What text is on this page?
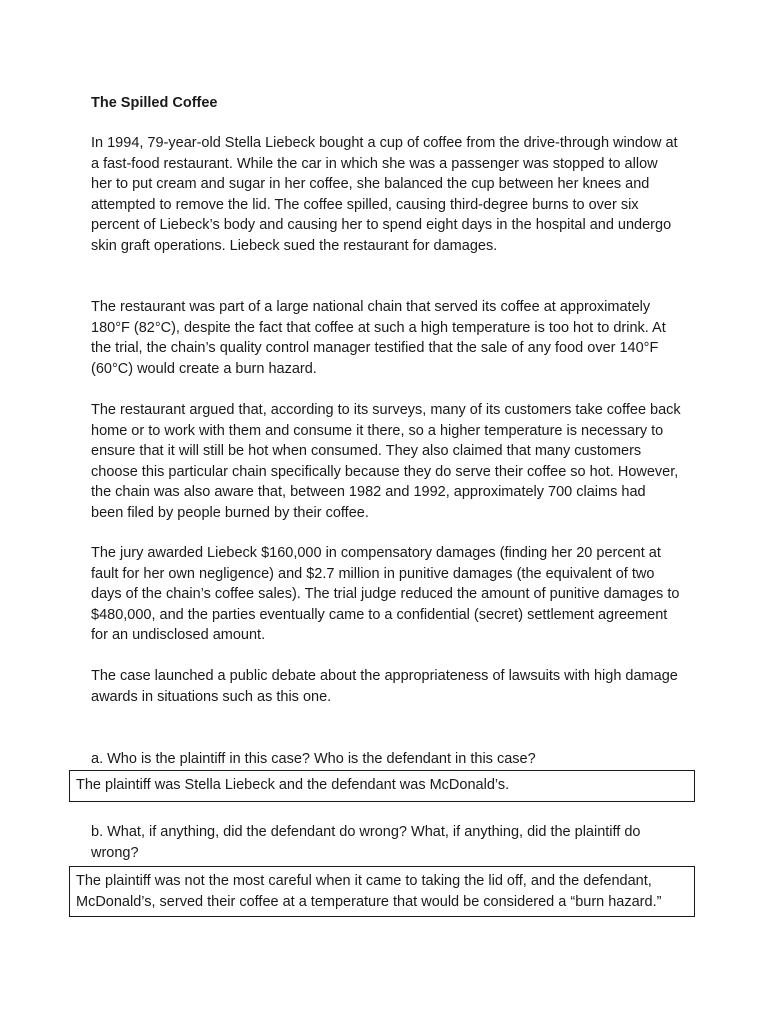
The Spilled Coffee

In 1994, 79-year-old Stella Liebeck bought a cup of coffee from the drive-through window at a fast-food restaurant. While the car in which she was a passenger was stopped to allow her to put cream and sugar in her coffee, she balanced the cup between her knees and attempted to remove the lid. The coffee spilled, causing third-degree burns to over six percent of Liebeck’s body and causing her to spend eight days in the hospital and undergo skin graft operations. Liebeck sued the restaurant for damages.

The restaurant was part of a large national chain that served its coffee at approximately 180°F (82°C), despite the fact that coffee at such a high temperature is too hot to drink. At the trial, the chain’s quality control manager testified that the sale of any food over 140°F (60°C) would create a burn hazard.

The restaurant argued that, according to its surveys, many of its customers take coffee back home or to work with them and consume it there, so a higher temperature is necessary to ensure that it will still be hot when consumed. They also claimed that many customers choose this particular chain specifically because they do serve their coffee so hot. However, the chain was also aware that, between 1982 and 1992, approximately 700 claims had been filed by people burned by their coffee.

The jury awarded Liebeck $160,000 in compensatory damages (finding her 20 percent at fault for her own negligence) and $2.7 million in punitive damages (the equivalent of two days of the chain’s coffee sales). The trial judge reduced the amount of punitive damages to $480,000, and the parties eventually came to a confidential (secret) settlement agreement for an undisclosed amount.

The case launched a public debate about the appropriateness of lawsuits with high damage awards in situations such as this one.

a. Who is the plaintiff in this case? Who is the defendant in this case?

The plaintiff was Stella Liebeck and the defendant was McDonald’s.

b. What, if anything, did the defendant do wrong? What, if anything, did the plaintiff do wrong?

The plaintiff was not the most careful when it came to taking the lid off, and the defendant, McDonald’s, served their coffee at a temperature that would be considered a “burn hazard.”
